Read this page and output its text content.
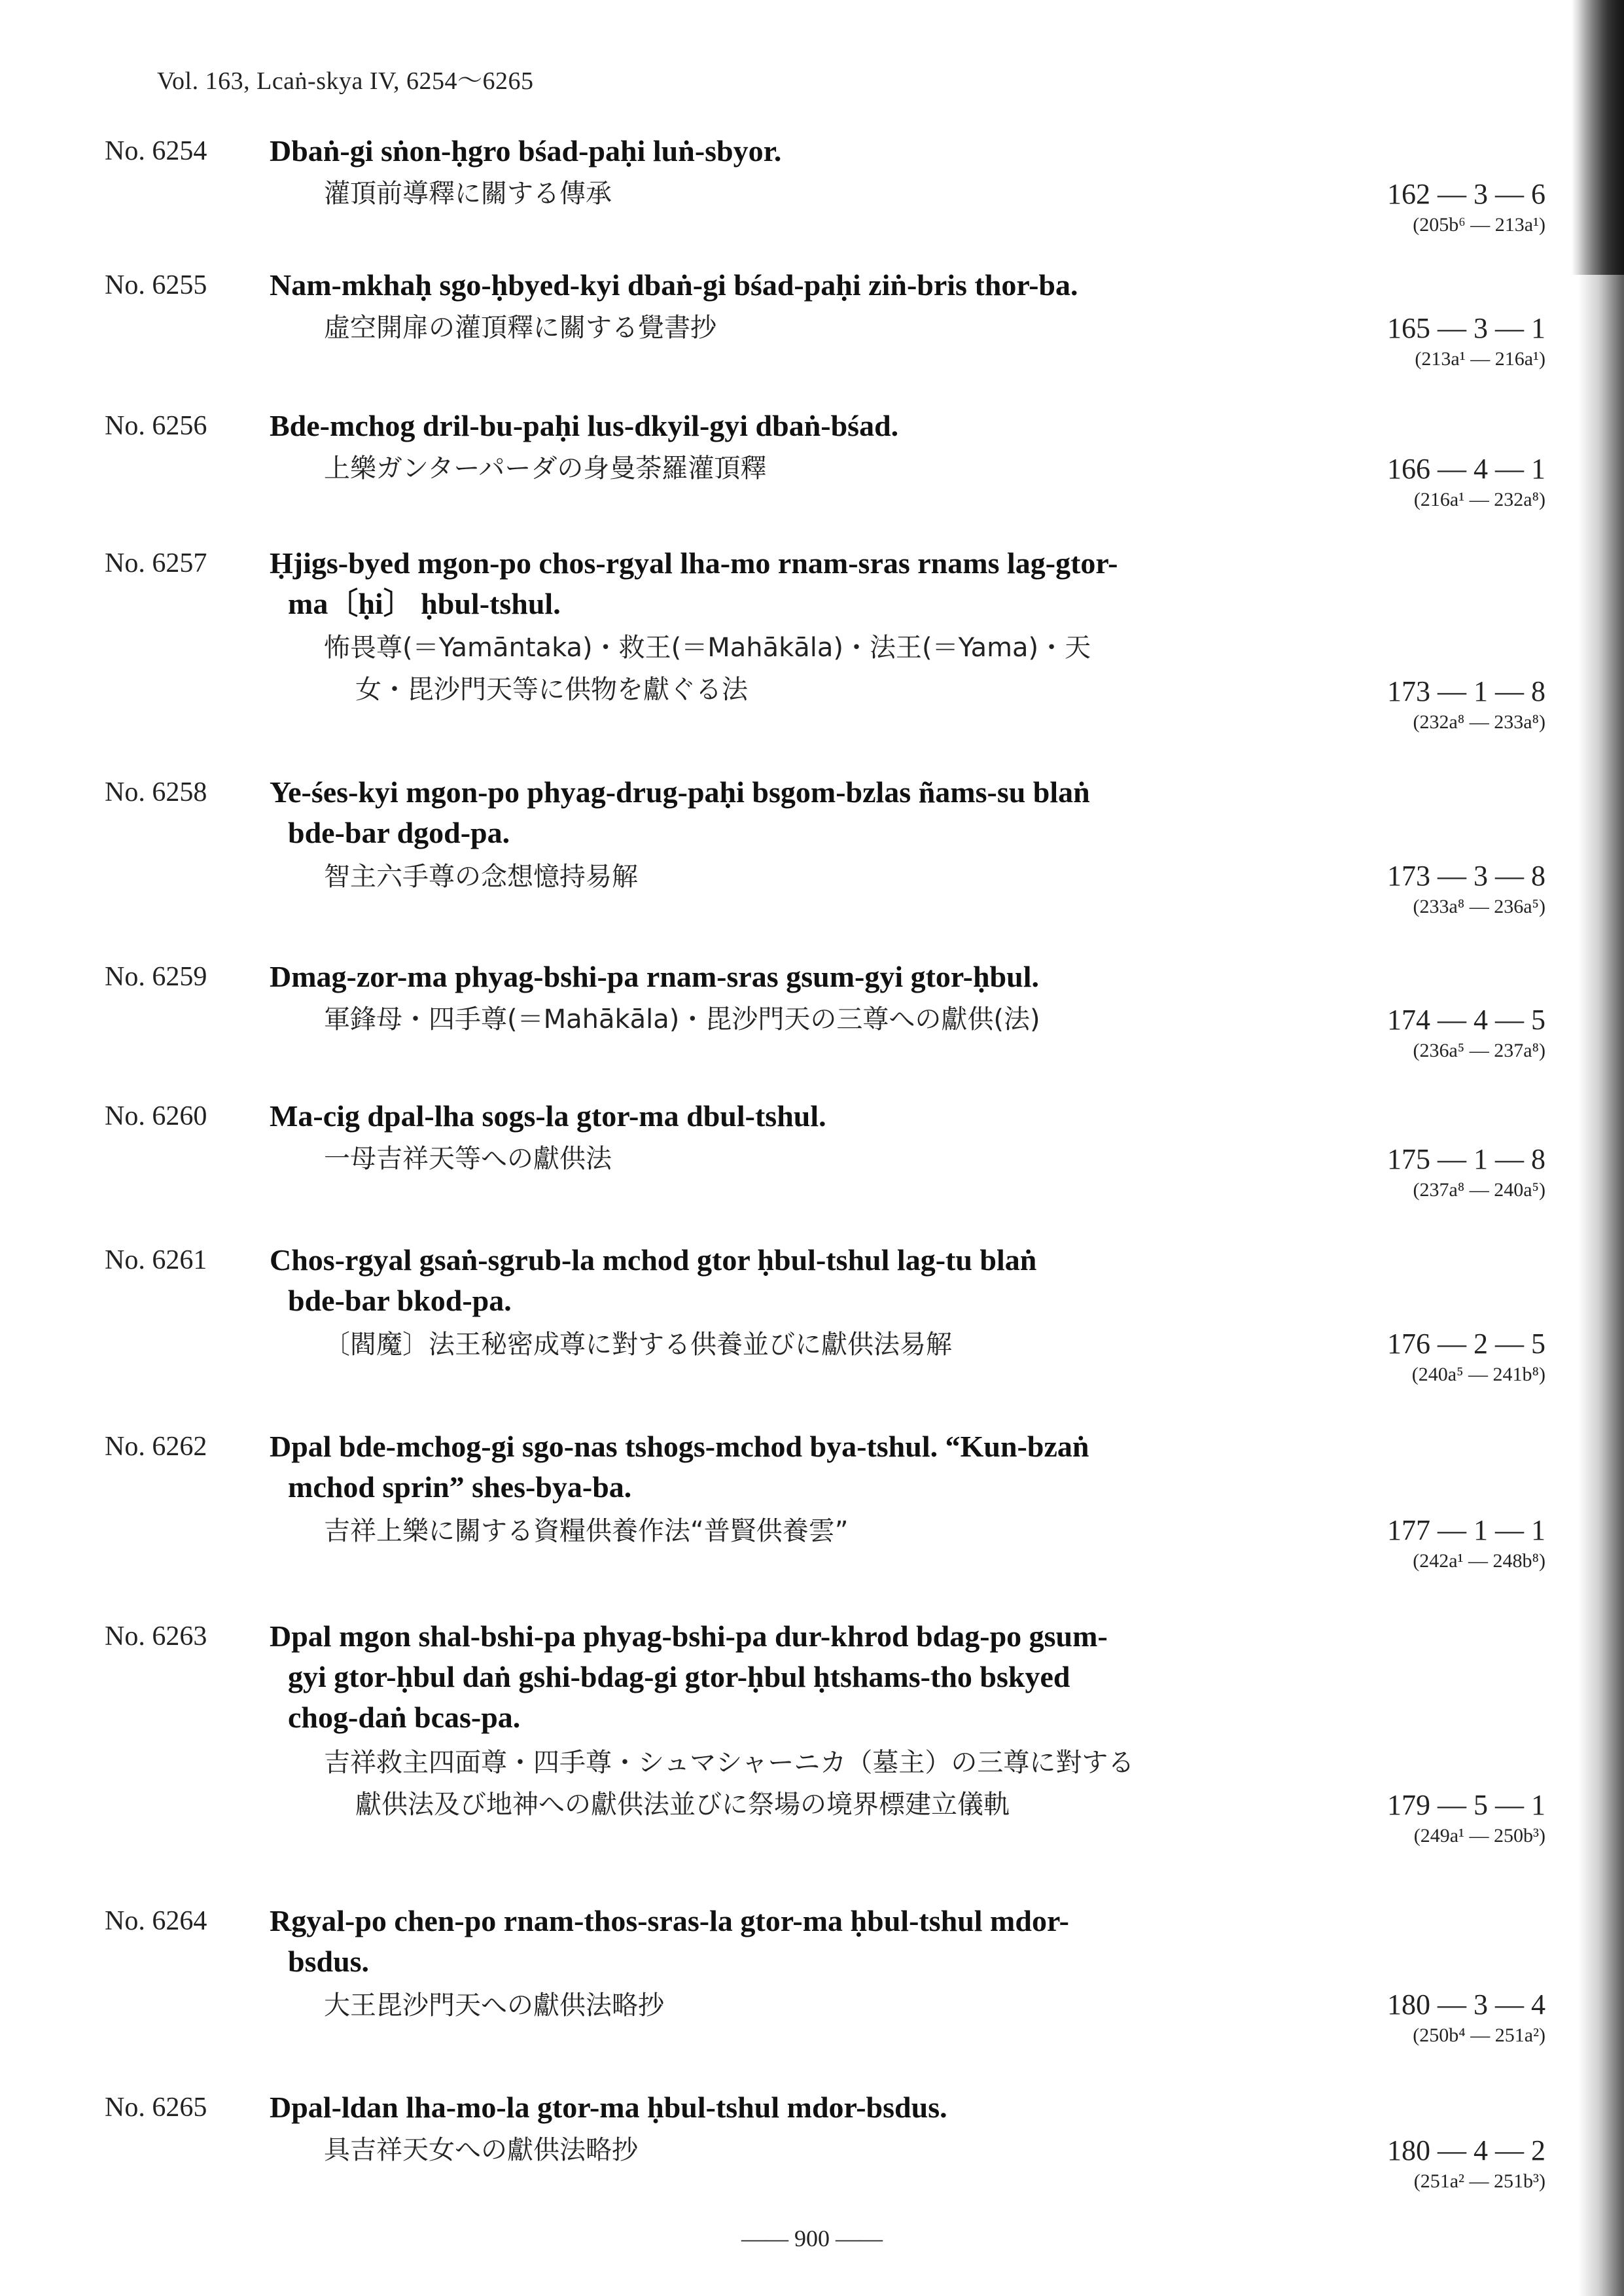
Vol. 163, Lcaṅ-skya IV, 6254〜6265
No. 6254	Dbaṅ-gi sṅon-ḥgro bśad-paḥi luṅ-sbyor.
灌頂前導釋に關する傳承	162 — 3 — 6
(205b⁶ — 213a¹)
No. 6255	Nam-mkhaḥ sgo-ḥbyed-kyi dbaṅ-gi bśad-paḥi ziṅ-bris thor-ba.
虛空開扉の灌頂釋に關する覺書抄	165 — 3 — 1
(213a¹ — 216a¹)
No. 6256	Bde-mchog dril-bu-paḥi lus-dkyil-gyi dbaṅ-bśad.
上樂ガンターパーダの身曼荼羅灌頂釋	166 — 4 — 1
(216a¹ — 232a⁸)
No. 6257	Ḥjigs-byed mgon-po chos-rgyal lha-mo rnam-sras rnams lag-gtor-
ma〔ḥi〕 ḥbul-tshul.
怖畏尊(＝Yamāntaka)・救王(＝Mahākāla)・法王(＝Yama)・天
女・毘沙門天等に供物を獻ぐる法	173 — 1 — 8
(232a⁸ — 233a⁸)
No. 6258	Ye-śes-kyi mgon-po phyag-drug-paḥi bsgom-bzlas ñams-su blaṅ
bde-bar dgod-pa.
智主六手尊の念想憶持易解	173 — 3 — 8
(233a⁸ — 236a⁵)
No. 6259	Dmag-zor-ma phyag-bshi-pa rnam-sras gsum-gyi gtor-ḥbul.
軍鋒母・四手尊(＝Mahākāla)・毘沙門天の三尊への獻供(法)	174 — 4 — 5
(236a⁵ — 237a⁸)
No. 6260	Ma-cig dpal-lha sogs-la gtor-ma dbul-tshul.
一母吉祥天等への獻供法	175 — 1 — 8
(237a⁸ — 240a⁵)
No. 6261	Chos-rgyal gsaṅ-sgrub-la mchod gtor ḥbul-tshul lag-tu blaṅ
bde-bar bkod-pa.
〔閻魔〕法王秘密成尊に對する供養並びに獻供法易解	176 — 2 — 5
(240a⁵ — 241b⁸)
No. 6262	Dpal bde-mchog-gi sgo-nas tshogs-mchod bya-tshul. “Kun-bzaṅ
mchod sprin” shes-bya-ba.
吉祥上樂に關する資糧供養作法“普賢供養雲”	177 — 1 — 1
(242a¹ — 248b⁸)
No. 6263	Dpal mgon shal-bshi-pa phyag-bshi-pa dur-khrod bdag-po gsum-
gyi gtor-ḥbul daṅ gshi-bdag-gi gtor-ḥbul ḥtshams-tho bskyed
chog-daṅ bcas-pa.
吉祥救主四面尊・四手尊・シュマシャーニカ（墓主）の三尊に對する
獻供法及び地神への獻供法並びに祭場の境界標建立儀軌	179 — 5 — 1
(249a¹ — 250b³)
No. 6264	Rgyal-po chen-po rnam-thos-sras-la gtor-ma ḥbul-tshul mdor-
bsdus.
大王毘沙門天への獻供法略抄	180 — 3 — 4
(250b⁴ — 251a²)
No. 6265	Dpal-ldan lha-mo-la gtor-ma ḥbul-tshul mdor-bsdus.
具吉祥天女への獻供法略抄	180 — 4 — 2
(251a² — 251b³)
—— 900 ——
